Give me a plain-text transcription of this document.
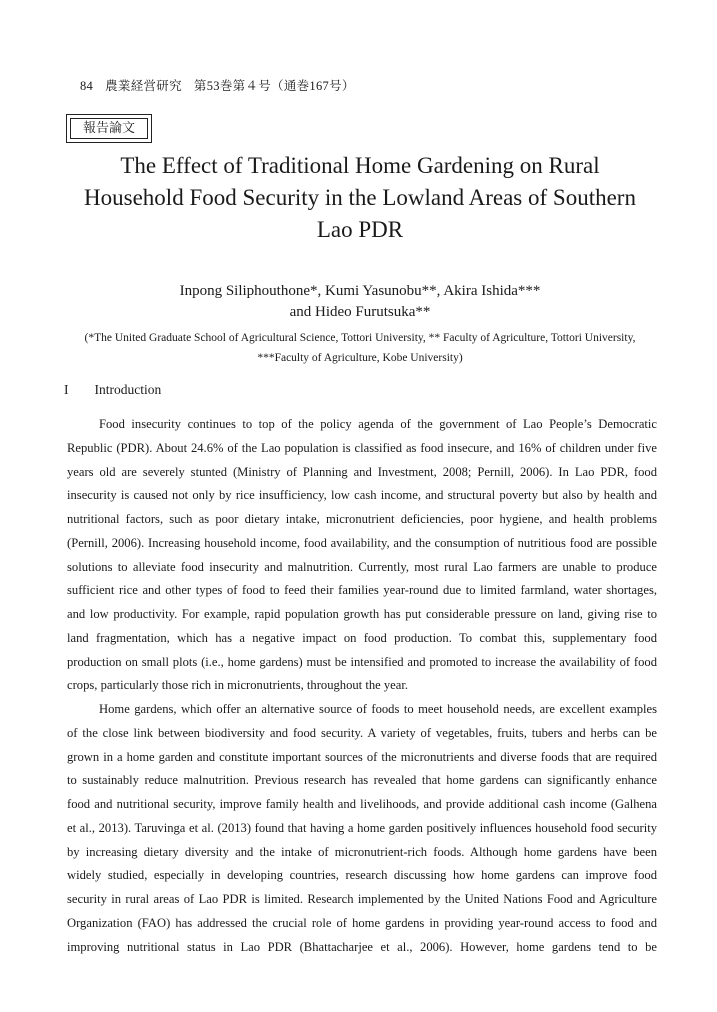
84 農業経営研究 第53巻第４号（通巻167号）
報告論文
The Effect of Traditional Home Gardening on Rural
Household Food Security in the Lowland Areas of Southern
Lao PDR
Inpong Siliphouthone*, Kumi Yasunobu**, Akira Ishida***
and Hideo Furutsuka**
(*The United Graduate School of Agricultural Science, Tottori University, ** Faculty of Agriculture, Tottori University,
***Faculty of Agriculture, Kobe University)
I Introduction
Food insecurity continues to top of the policy agenda of the government of Lao People’s Democratic
Republic (PDR). About 24.6% of the Lao population is classified as food insecure, and 16% of children under five
years old are severely stunted (Ministry of Planning and Investment, 2008; Pernill, 2006). In Lao PDR, food
insecurity is caused not only by rice insufficiency, low cash income, and structural poverty but also by health and
nutritional factors, such as poor dietary intake, micronutrient deficiencies, poor hygiene, and health problems
(Pernill, 2006). Increasing household income, food availability, and the consumption of nutritious food are possible
solutions to alleviate food insecurity and malnutrition. Currently, most rural Lao farmers are unable to produce
sufficient rice and other types of food to feed their families year-round due to limited farmland, water shortages,
and low productivity. For example, rapid population growth has put considerable pressure on land, giving rise to
land fragmentation, which has a negative impact on food production. To combat this, supplementary food
production on small plots (i.e., home gardens) must be intensified and promoted to increase the availability of food
crops, particularly those rich in micronutrients, throughout the year.
Home gardens, which offer an alternative source of foods to meet household needs, are excellent examples
of the close link between biodiversity and food security. A variety of vegetables, fruits, tubers and herbs can be
grown in a home garden and constitute important sources of the micronutrients and diverse foods that are required
to sustainably reduce malnutrition. Previous research has revealed that home gardens can significantly enhance
food and nutritional security, improve family health and livelihoods, and provide additional cash income (Galhena
et al., 2013). Taruvinga et al. (2013) found that having a home garden positively influences household food security
by increasing dietary diversity and the intake of micronutrient-rich foods. Although home gardens have been
widely studied, especially in developing countries, research discussing how home gardens can improve food
security in rural areas of Lao PDR is limited. Research implemented by the United Nations Food and Agriculture
Organization (FAO) has addressed the crucial role of home gardens in providing year-round access to food and
improving nutritional status in Lao PDR (Bhattacharjee et al., 2006). However, home gardens tend to be
